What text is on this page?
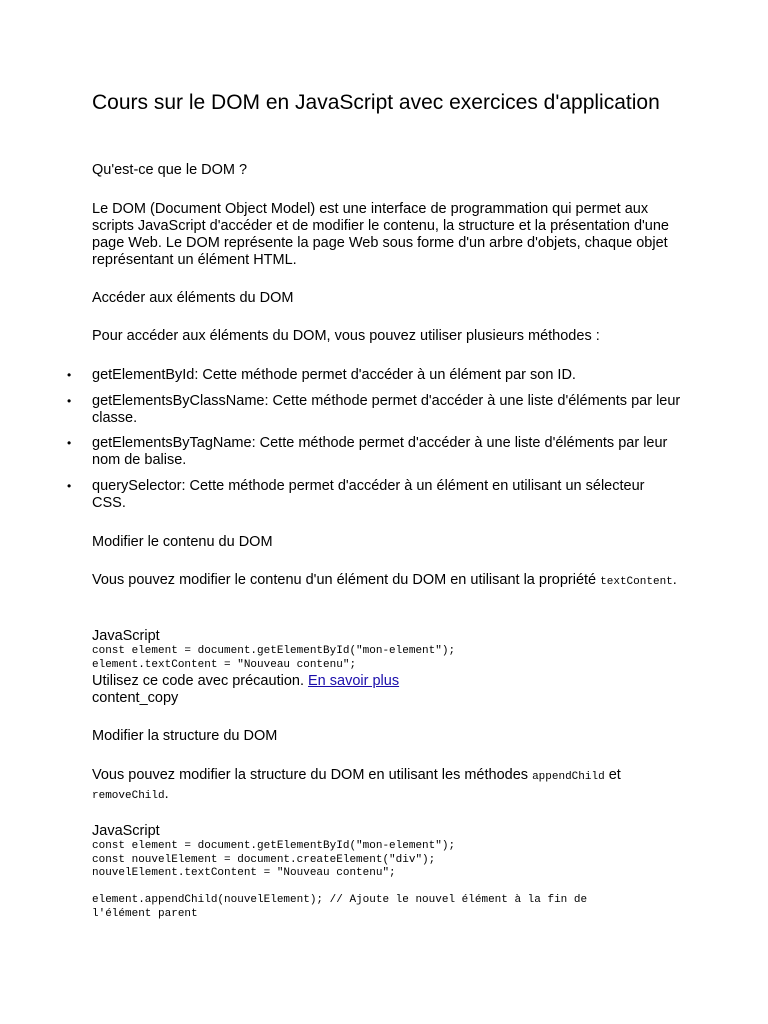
Cours sur le DOM en JavaScript avec exercices d'application

Qu'est-ce que le DOM ?

Le DOM (Document Object Model) est une interface de programmation qui permet aux scripts JavaScript d'accéder et de modifier le contenu, la structure et la présentation d'une page Web. Le DOM représente la page Web sous forme d'un arbre d'objets, chaque objet représentant un élément HTML.

Accéder aux éléments du DOM

Pour accéder aux éléments du DOM, vous pouvez utiliser plusieurs méthodes :

• getElementById: Cette méthode permet d'accéder à un élément par son ID.
• getElementsByClassName: Cette méthode permet d'accéder à une liste d'éléments par leur classe.
• getElementsByTagName: Cette méthode permet d'accéder à une liste d'éléments par leur nom de balise.
• querySelector: Cette méthode permet d'accéder à un élément en utilisant un sélecteur CSS.

Modifier le contenu du DOM

Vous pouvez modifier le contenu d'un élément du DOM en utilisant la propriété textContent.

JavaScript
const element = document.getElementById("mon-element");
element.textContent = "Nouveau contenu";
Utilisez ce code avec précaution. En savoir plus
content_copy

Modifier la structure du DOM

Vous pouvez modifier la structure du DOM en utilisant les méthodes appendChild et removeChild.

JavaScript
const element = document.getElementById("mon-element");
const nouvelElement = document.createElement("div");
nouvelElement.textContent = "Nouveau contenu";

element.appendChild(nouvelElement); // Ajoute le nouvel élément à la fin de
l'élément parent
